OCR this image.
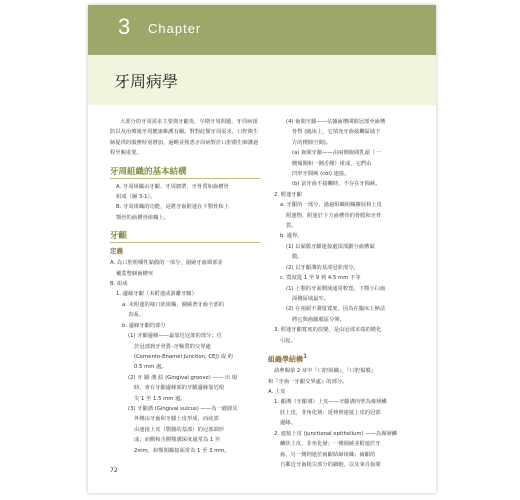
3 Chapter
牙周病學

大部分的牙周需求主要與牙齦炎、早期牙周問題、牙周病預防以及治療後牙周健康維護有關。對對此類牙周需求，口腔衛生師提供的服務特別增加，過略並熟悉牙周病對於口腔衛生師護過程至關重要。

牙周組織的基本結構

A. 牙周組織由牙齦、牙周韌帶、牙骨質和齒槽骨

組成（圖 3-1）。

B. 牙周組織的功能，是將牙齒附連在下顎骨和上

顎骨的齒槽骨組織上。

牙齦
定義

A. 為口腔咀嚼性黏膜的一部分，圍繞牙齒頸部並

覆蓋整個齒槽突

B. 組成

1. 邊緣牙齦（未附連或游離牙齦）

a. 未附連的袖口狀組織，圍繞著牙齒全部的

表面。

b. 邊緣牙齦的部分

(1) 牙齦邊緣——最靠近冠部的部分；位

於冠部到牙骨質–牙釉質的交界處

(Cemento-Enamel Junction, CEJ) 或 約

0.5 mm 處。

(2) 牙 齦 溝 紋 (Gingival groove) —— 出 現

時，會在牙齦邊緣部的牙齦邊緣靠近根

尖 1 至 1.5 mm 處。

(3) 牙齦溝 (Gingival sulcus) ——為一縫隙其

外側由牙齒和牙齦上皮形成，而底部

由連接上皮（顎牆的基部）的冠部端形

成；而側和舌側顎溝深度通常為 1 至

2mm，和顎間鄰接面常為 1 至 3 mm。

(4) 齒間牙齦——佔據齒槽間隙冠部至齒槽

骨脊 (臨床上，它填充牙齒接觸區域下

方的楔隙空間)。

(a) 齒間牙齦——由兩側齒間乳頭（一

側頰側和一側舌側）組成，它們由

凹形牙間峽 (col) 連接。

(b) 富牙齒不接觸時，不存在牙間峽。

2. 附連牙齦

a. 牙齦的一部分，過過組織組織擴展和上皮

附連物，附連於下方齒槽骨的骨膜和牙骨

質。

b. 邊界。

(1) 以黏膜牙齦連接處頂部劃分齒槽黏

膜。

(2) 以牙齦溝的基部冠狀部分。

c. 寬度從 1 至 9 到 4.5 mm 不等

(1) 上顎的牙面側域通常較寬，下顎小臼齒

面側區域最窄。

(2) 在兩頭不測量寬度，因為在臨床上無法

將它與齒齦膜區分開。

3. 附連牙齦寬度的改變，是由冠部末端的變化

引起。

組織學結構$^1$

請參閱第 2 章中『口腔組織』，『口腔黏膜』

和『牙齒一牙齦交界處』的部分。

A. 上皮

1. 齦溝（牙齦溝）上皮——牙齦溝內壁為複層鱗

狀上皮，非角化層；延伸到連接上皮的冠部

邊緣。

2. 連接上皮 (junctional epithelium) ——為複層鱗

鱗狀上皮，非角化層；一側圍繞並附連於牙

齒，另一側則連於齒齦結締組織；齒齦的

自鄰近牙齒根尖部分的細胞，以及來自齒間

72
